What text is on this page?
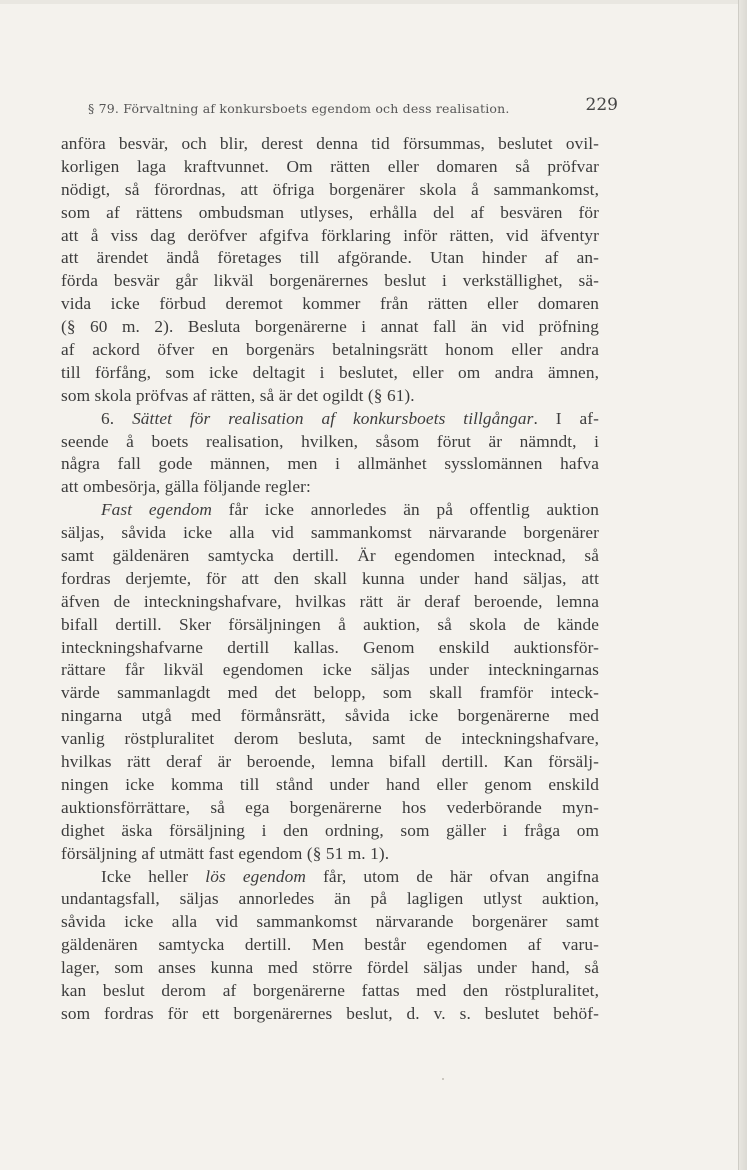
§ 79. Förvaltning af konkursboets egendom och dess realisation.	229
anföra besvär, och blir, derest denna tid försummas, beslutet ovil-
korligen laga kraftvunnet. Om rätten eller domaren så pröfvar
nödigt, så förordnas, att öfriga borgenärer skola å sammankomst,
som af rättens ombudsman utlyses, erhålla del af besvären för
att å viss dag deröfver afgifva förklaring inför rätten, vid äfventyr
att ärendet ändå företages till afgörande. Utan hinder af an-
förda besvär går likväl borgenärernes beslut i verkställighet, sä-
vida icke förbud deremot kommer från rätten eller domaren
(§ 60 m. 2). Besluta borgenärerne i annat fall än vid pröfning
af ackord öfver en borgenärs betalningsrätt honom eller andra
till förfång, som icke deltagit i beslutet, eller om andra ämnen,
som skola pröfvas af rätten, så är det ogildt (§ 61).
6. Sättet för realisation af konkursboets tillgångar. I af-
seende å boets realisation, hvilken, såsom förut är nämndt, i
några fall gode männen, men i allmänhet sysslomännen hafva
att ombesörja, gälla följande regler:
Fast egendom får icke annorledes än på offentlig auktion
säljas, såvida icke alla vid sammankomst närvarande borgenärer
samt gäldenären samtycka dertill. Är egendomen intecknad, så
fordras derjemte, för att den skall kunna under hand säljas, att
äfven de inteckningshafvare, hvilkas rätt är deraf beroende, lemna
bifall dertill. Sker försäljningen å auktion, så skola de kände
inteckningshafvarne dertill kallas. Genom enskild auktionsför-
rättare får likväl egendomen icke säljas under inteckningarnas
värde sammanlagdt med det belopp, som skall framför inteck-
ningarna utgå med förmånsrätt, såvida icke borgenärerne med
vanlig röstpluralitet derom besluta, samt de inteckningshafvare,
hvilkas rätt deraf är beroende, lemna bifall dertill. Kan försälj-
ningen icke komma till stånd under hand eller genom enskild
auktionsförrättare, så ega borgenärerne hos vederbörande myn-
dighet äska försäljning i den ordning, som gäller i fråga om
försäljning af utmätt fast egendom (§ 51 m. 1).
Icke heller lös egendom får, utom de här ofvan angifna
undantagsfall, säljas annorledes än på lagligen utlyst auktion,
såvida icke alla vid sammankomst närvarande borgenärer samt
gäldenären samtycka dertill. Men består egendomen af varu-
lager, som anses kunna med större fördel säljas under hand, så
kan beslut derom af borgenärerne fattas med den röstpluralitet,
som fordras för ett borgenärernes beslut, d. v. s. beslutet behöf-
